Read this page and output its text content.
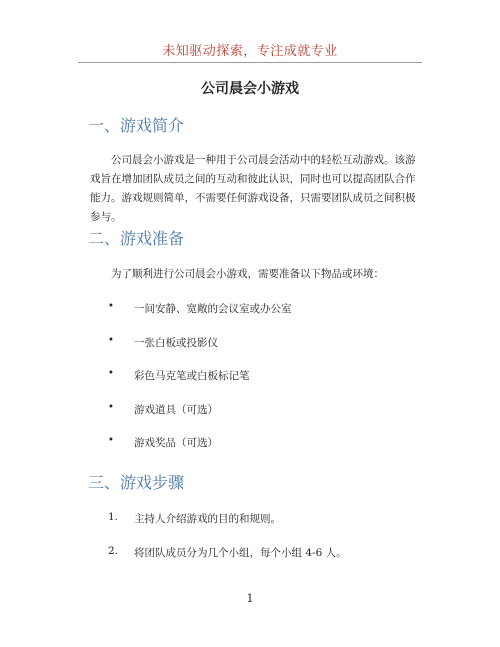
未知驱动探索，专注成就专业
公司晨会小游戏
一、游戏简介
公司晨会小游戏是一种用于公司晨会活动中的轻松互动游戏。该游戏旨在增加团队成员之间的互动和彼此认识，同时也可以提高团队合作能力。游戏规则简单，不需要任何游戏设备，只需要团队成员之间积极参与。
二、游戏准备
为了顺利进行公司晨会小游戏，需要准备以下物品或环境：
• 一间安静、宽敞的会议室或办公室
• 一张白板或投影仪
• 彩色马克笔或白板标记笔
• 游戏道具（可选）
• 游戏奖品（可选）
三、游戏步骤
1. 主持人介绍游戏的目的和规则。
2. 将团队成员分为几个小组，每个小组 4-6 人。
1
